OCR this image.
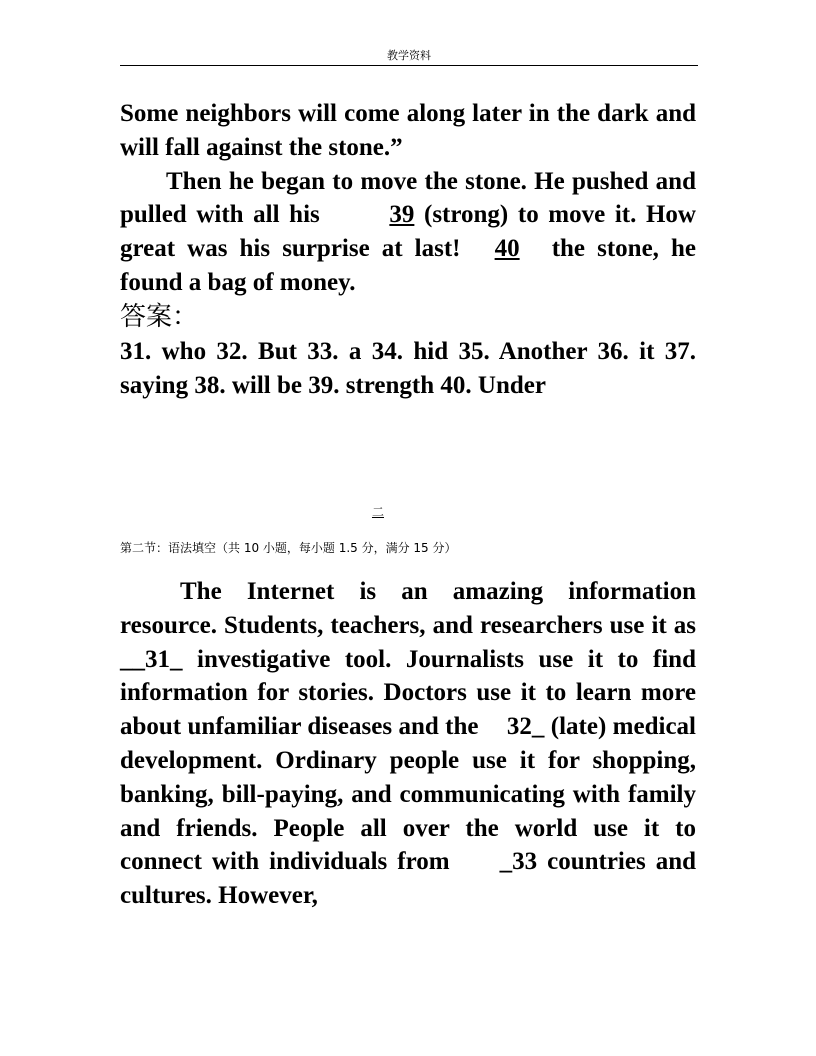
教学资料

Some neighbors will come along later in the dark and will fall against the stone.”

Then he began to move the stone. He pushed and pulled with all his 39 (strong) to move it. How great was his surprise at last! 40 the stone, he found a bag of money.

答案：

31. who 32. But 33. a 34. hid 35. Another 36. it 37. saying 38. will be 39. strength 40. Under

二
第二节：语法填空（共 10 小题，每小题 1.5 分，满分 15 分）

The Internet is an amazing information resource. Students, teachers, and researchers use it as __31_ investigative tool. Journalists use it to find information for stories. Doctors use it to learn more about unfamiliar diseases and the 32_ (late) medical development. Ordinary people use it for shopping, banking, bill-paying, and communicating with family and friends. People all over the world use it to connect with individuals from _33 countries and cultures. However,
